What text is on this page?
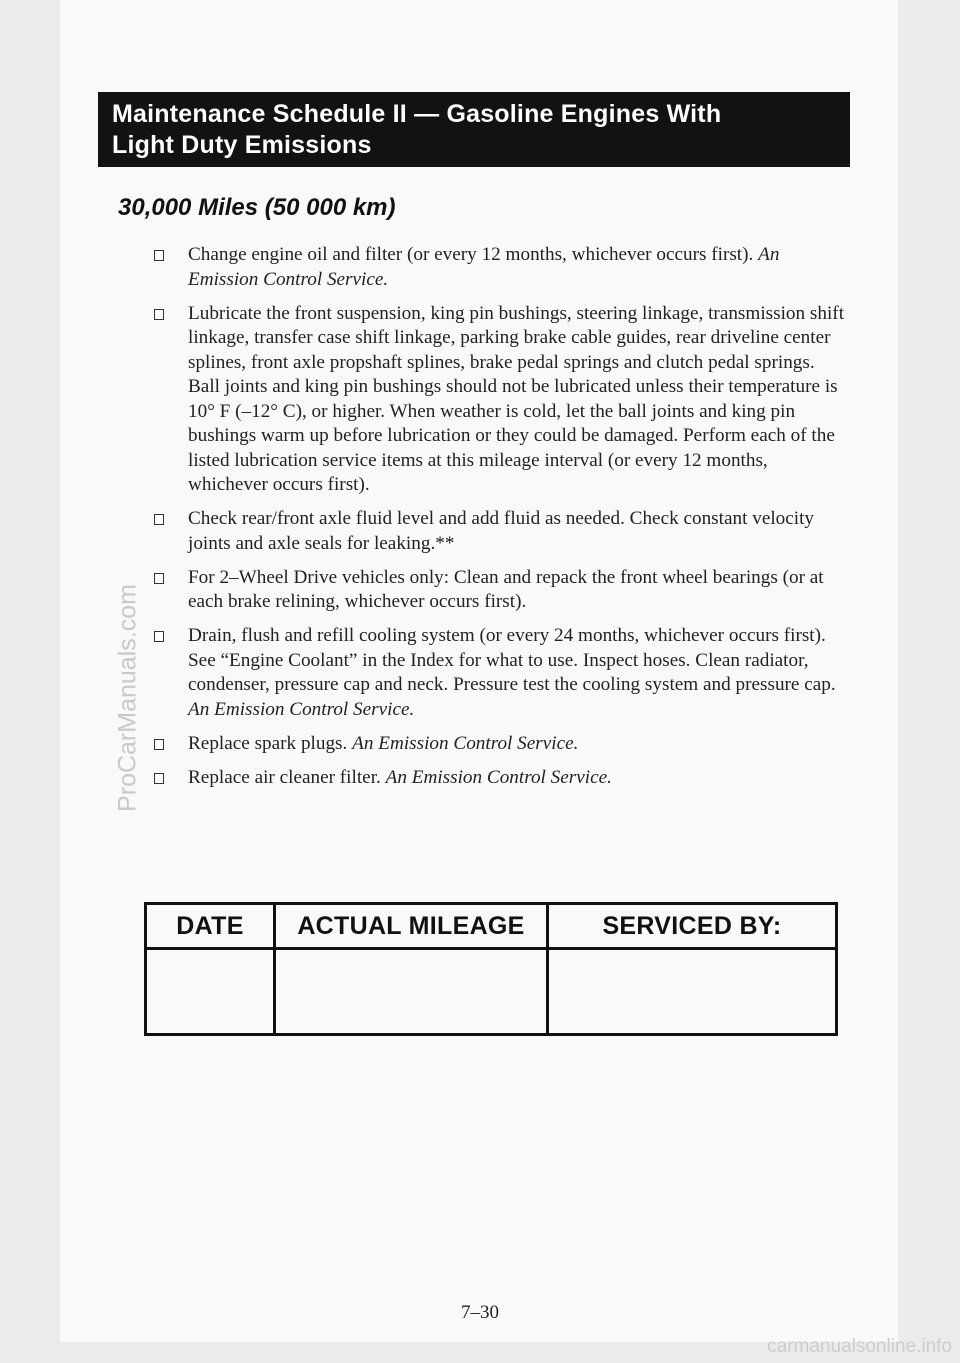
Maintenance Schedule II — Gasoline Engines With
Light Duty Emissions
30,000 Miles (50 000 km)
Change engine oil and filter (or every 12 months, whichever occurs first). An Emission Control Service.
Lubricate the front suspension, king pin bushings, steering linkage, transmission shift linkage, transfer case shift linkage, parking brake cable guides, rear driveline center splines, front axle propshaft splines, brake pedal springs and clutch pedal springs. Ball joints and king pin bushings should not be lubricated unless their temperature is 10° F (–12° C), or higher. When weather is cold, let the ball joints and king pin bushings warm up before lubrication or they could be damaged. Perform each of the listed lubrication service items at this mileage interval (or every 12 months, whichever occurs first).
Check rear/front axle fluid level and add fluid as needed. Check constant velocity joints and axle seals for leaking.**
For 2–Wheel Drive vehicles only: Clean and repack the front wheel bearings (or at each brake relining, whichever occurs first).
Drain, flush and refill cooling system (or every 24 months, whichever occurs first). See “Engine Coolant” in the Index for what to use. Inspect hoses. Clean radiator, condenser, pressure cap and neck. Pressure test the cooling system and pressure cap. An Emission Control Service.
Replace spark plugs. An Emission Control Service.
Replace air cleaner filter. An Emission Control Service.
DATE	ACTUAL MILEAGE	SERVICED BY:

7–30
ProCarManuals.com
carmanualsonline.info
